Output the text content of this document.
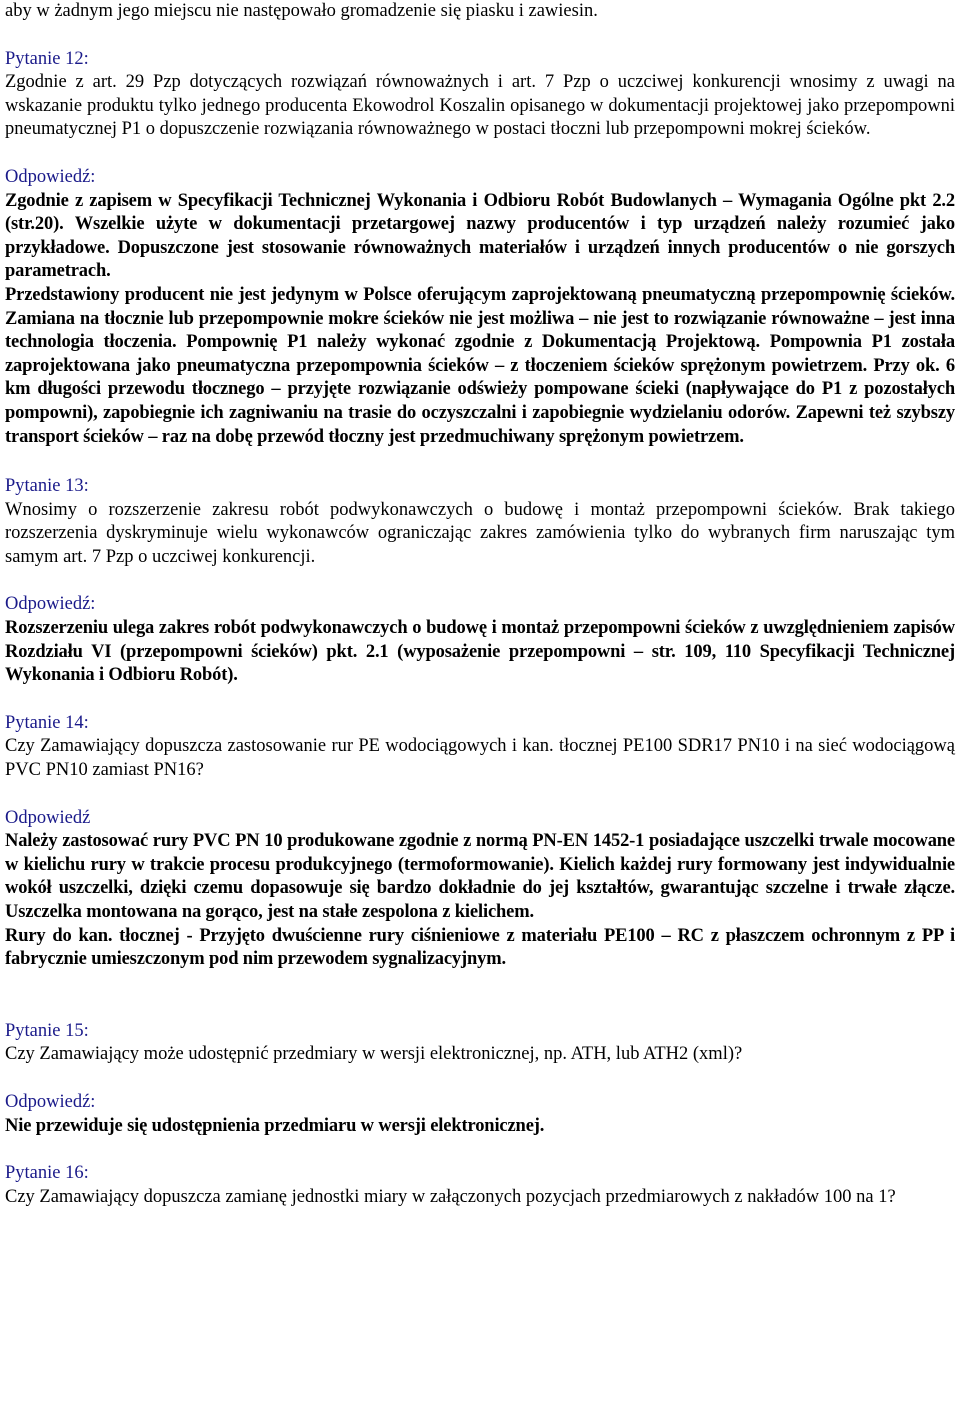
aby w żadnym jego miejscu nie następowało gromadzenie się piasku i zawiesin.

Pytanie 12:

Zgodnie z art. 29 Pzp dotyczących rozwiązań równoważnych i art. 7 Pzp o uczciwej konkurencji wnosimy z uwagi na wskazanie produktu tylko jednego producenta Ekowodrol Koszalin opisanego w dokumentacji projektowej jako przepompowni pneumatycznej P1 o dopuszczenie rozwiązania równoważnego w postaci tłoczni lub przepompowni mokrej ścieków.

Odpowiedź:

Zgodnie z zapisem w Specyfikacji Technicznej Wykonania i Odbioru Robót Budowlanych – Wymagania Ogólne pkt 2.2 (str.20). Wszelkie użyte w dokumentacji przetargowej nazwy producentów i typ urządzeń należy rozumieć jako przykładowe. Dopuszczone jest stosowanie równoważnych materiałów i urządzeń innych producentów o nie gorszych parametrach.

Przedstawiony producent nie jest jedynym w Polsce oferującym zaprojektowaną pneumatyczną przepompownię ścieków. Zamiana na tłocznie lub przepompownie mokre ścieków nie jest możliwa – nie jest to rozwiązanie równoważne – jest inna technologia tłoczenia. Pompownię P1 należy wykonać zgodnie z Dokumentacją Projektową. Pompownia P1 została zaprojektowana jako pneumatyczna przepompownia ścieków – z tłoczeniem ścieków sprężonym powietrzem. Przy ok. 6 km długości przewodu tłocznego – przyjęte rozwiązanie odświeży pompowane ścieki (napływające do P1 z pozostałych pompowni), zapobiegnie ich zagniwaniu na trasie do oczyszczalni i zapobiegnie wydzielaniu odorów. Zapewni też szybszy transport ścieków – raz na dobę przewód tłoczny jest przedmuchiwany sprężonym powietrzem.

Pytanie 13:

Wnosimy o rozszerzenie zakresu robót podwykonawczych o budowę i montaż przepompowni ścieków. Brak takiego rozszerzenia dyskryminuje wielu wykonawców ograniczając zakres zamówienia tylko do wybranych firm naruszając tym samym art. 7 Pzp o uczciwej konkurencji.

Odpowiedź:

Rozszerzeniu ulega zakres robót podwykonawczych o budowę i montaż przepompowni ścieków z uwzględnieniem zapisów Rozdziału VI (przepompowni ścieków) pkt. 2.1 (wyposażenie przepompowni – str. 109, 110 Specyfikacji Technicznej Wykonania i Odbioru Robót).

Pytanie 14:

Czy Zamawiający dopuszcza zastosowanie rur PE wodociągowych i kan. tłocznej PE100 SDR17 PN10 i na sieć wodociągową PVC PN10 zamiast PN16?

Odpowiedź

Należy zastosować rury PVC PN 10 produkowane zgodnie z normą PN-EN 1452-1 posiadające uszczelki trwale mocowane w kielichu rury w trakcie procesu produkcyjnego (termoformowanie). Kielich każdej rury formowany jest indywidualnie wokół uszczelki, dzięki czemu dopasowuje się bardzo dokładnie do jej kształtów, gwarantując szczelne i trwałe złącze. Uszczelka montowana na gorąco, jest na stałe zespolona z kielichem.

Rury do kan. tłocznej - Przyjęto dwuścienne rury ciśnieniowe z materiału PE100 – RC z płaszczem ochronnym z PP i fabrycznie umieszczonym pod nim przewodem sygnalizacyjnym.

Pytanie 15:

Czy Zamawiający może udostępnić przedmiary w wersji elektronicznej, np. ATH, lub ATH2 (xml)?

Odpowiedź:

Nie przewiduje się udostępnienia przedmiaru w wersji elektronicznej.

Pytanie 16:

Czy Zamawiający dopuszcza zamianę jednostki miary w załączonych pozycjach przedmiarowych z nakładów 100 na 1?
